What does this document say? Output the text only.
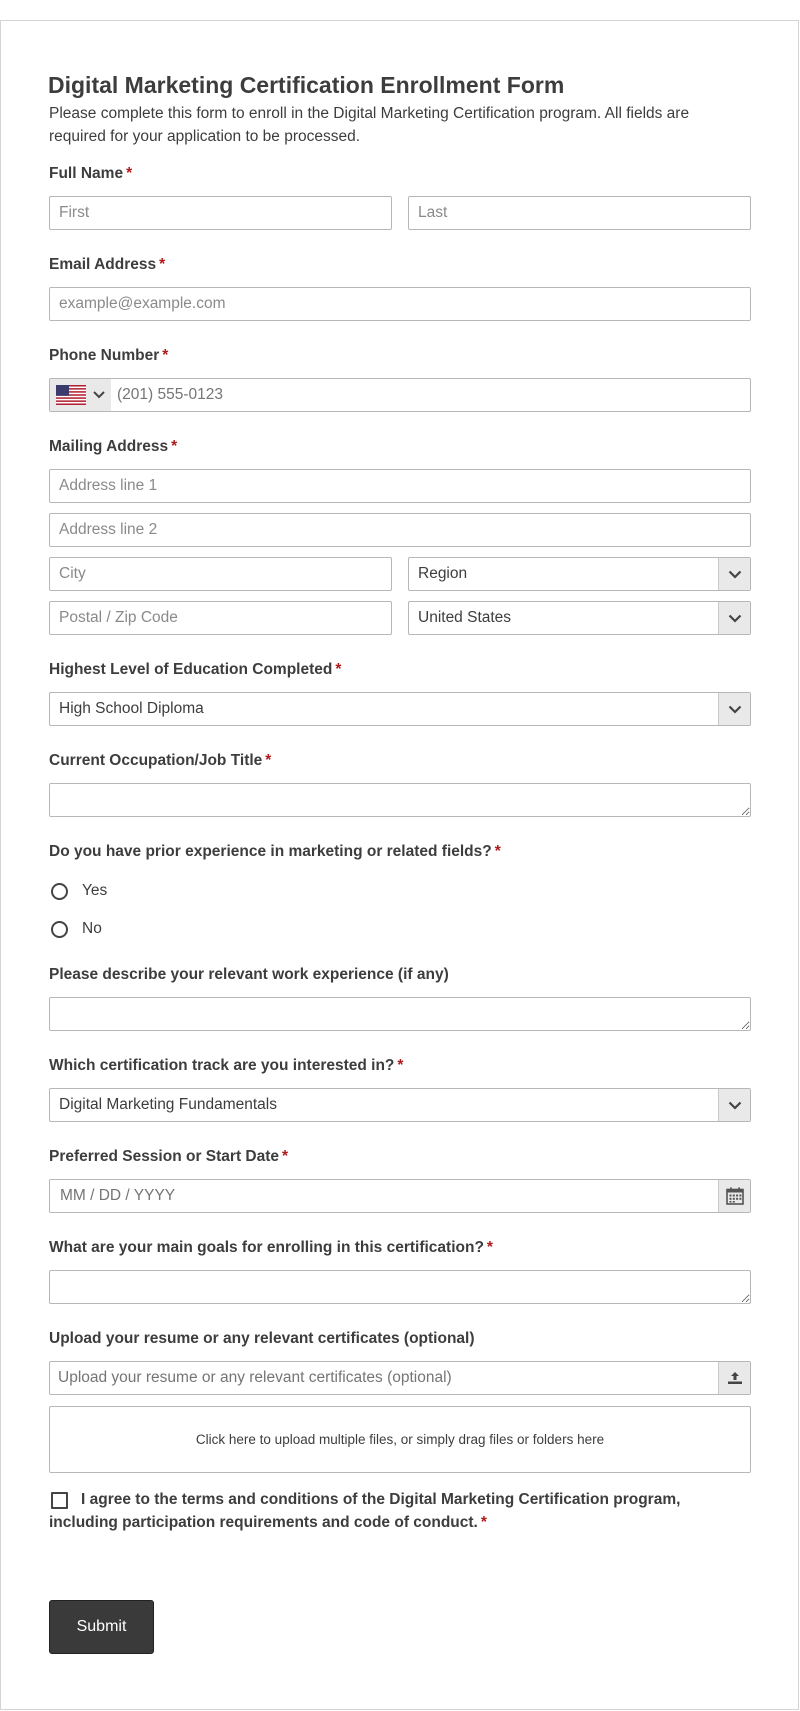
Digital Marketing Certification Enrollment Form
Please complete this form to enroll in the Digital Marketing Certification program. All fields are required for your application to be processed.
Full Name *
First
Last
Email Address *
example@example.com
Phone Number *
(201) 555-0123
Mailing Address *
Address line 1
Address line 2
City
Region
Postal / Zip Code
United States
Highest Level of Education Completed *
High School Diploma
Current Occupation/Job Title *
Do you have prior experience in marketing or related fields? *
Yes
No
Please describe your relevant work experience (if any)
Which certification track are you interested in? *
Digital Marketing Fundamentals
Preferred Session or Start Date *
MM / DD / YYYY
What are your main goals for enrolling in this certification? *
Upload your resume or any relevant certificates (optional)
Upload your resume or any relevant certificates (optional)
Click here to upload multiple files, or simply drag files or folders here
I agree to the terms and conditions of the Digital Marketing Certification program, including participation requirements and code of conduct. *
Submit
